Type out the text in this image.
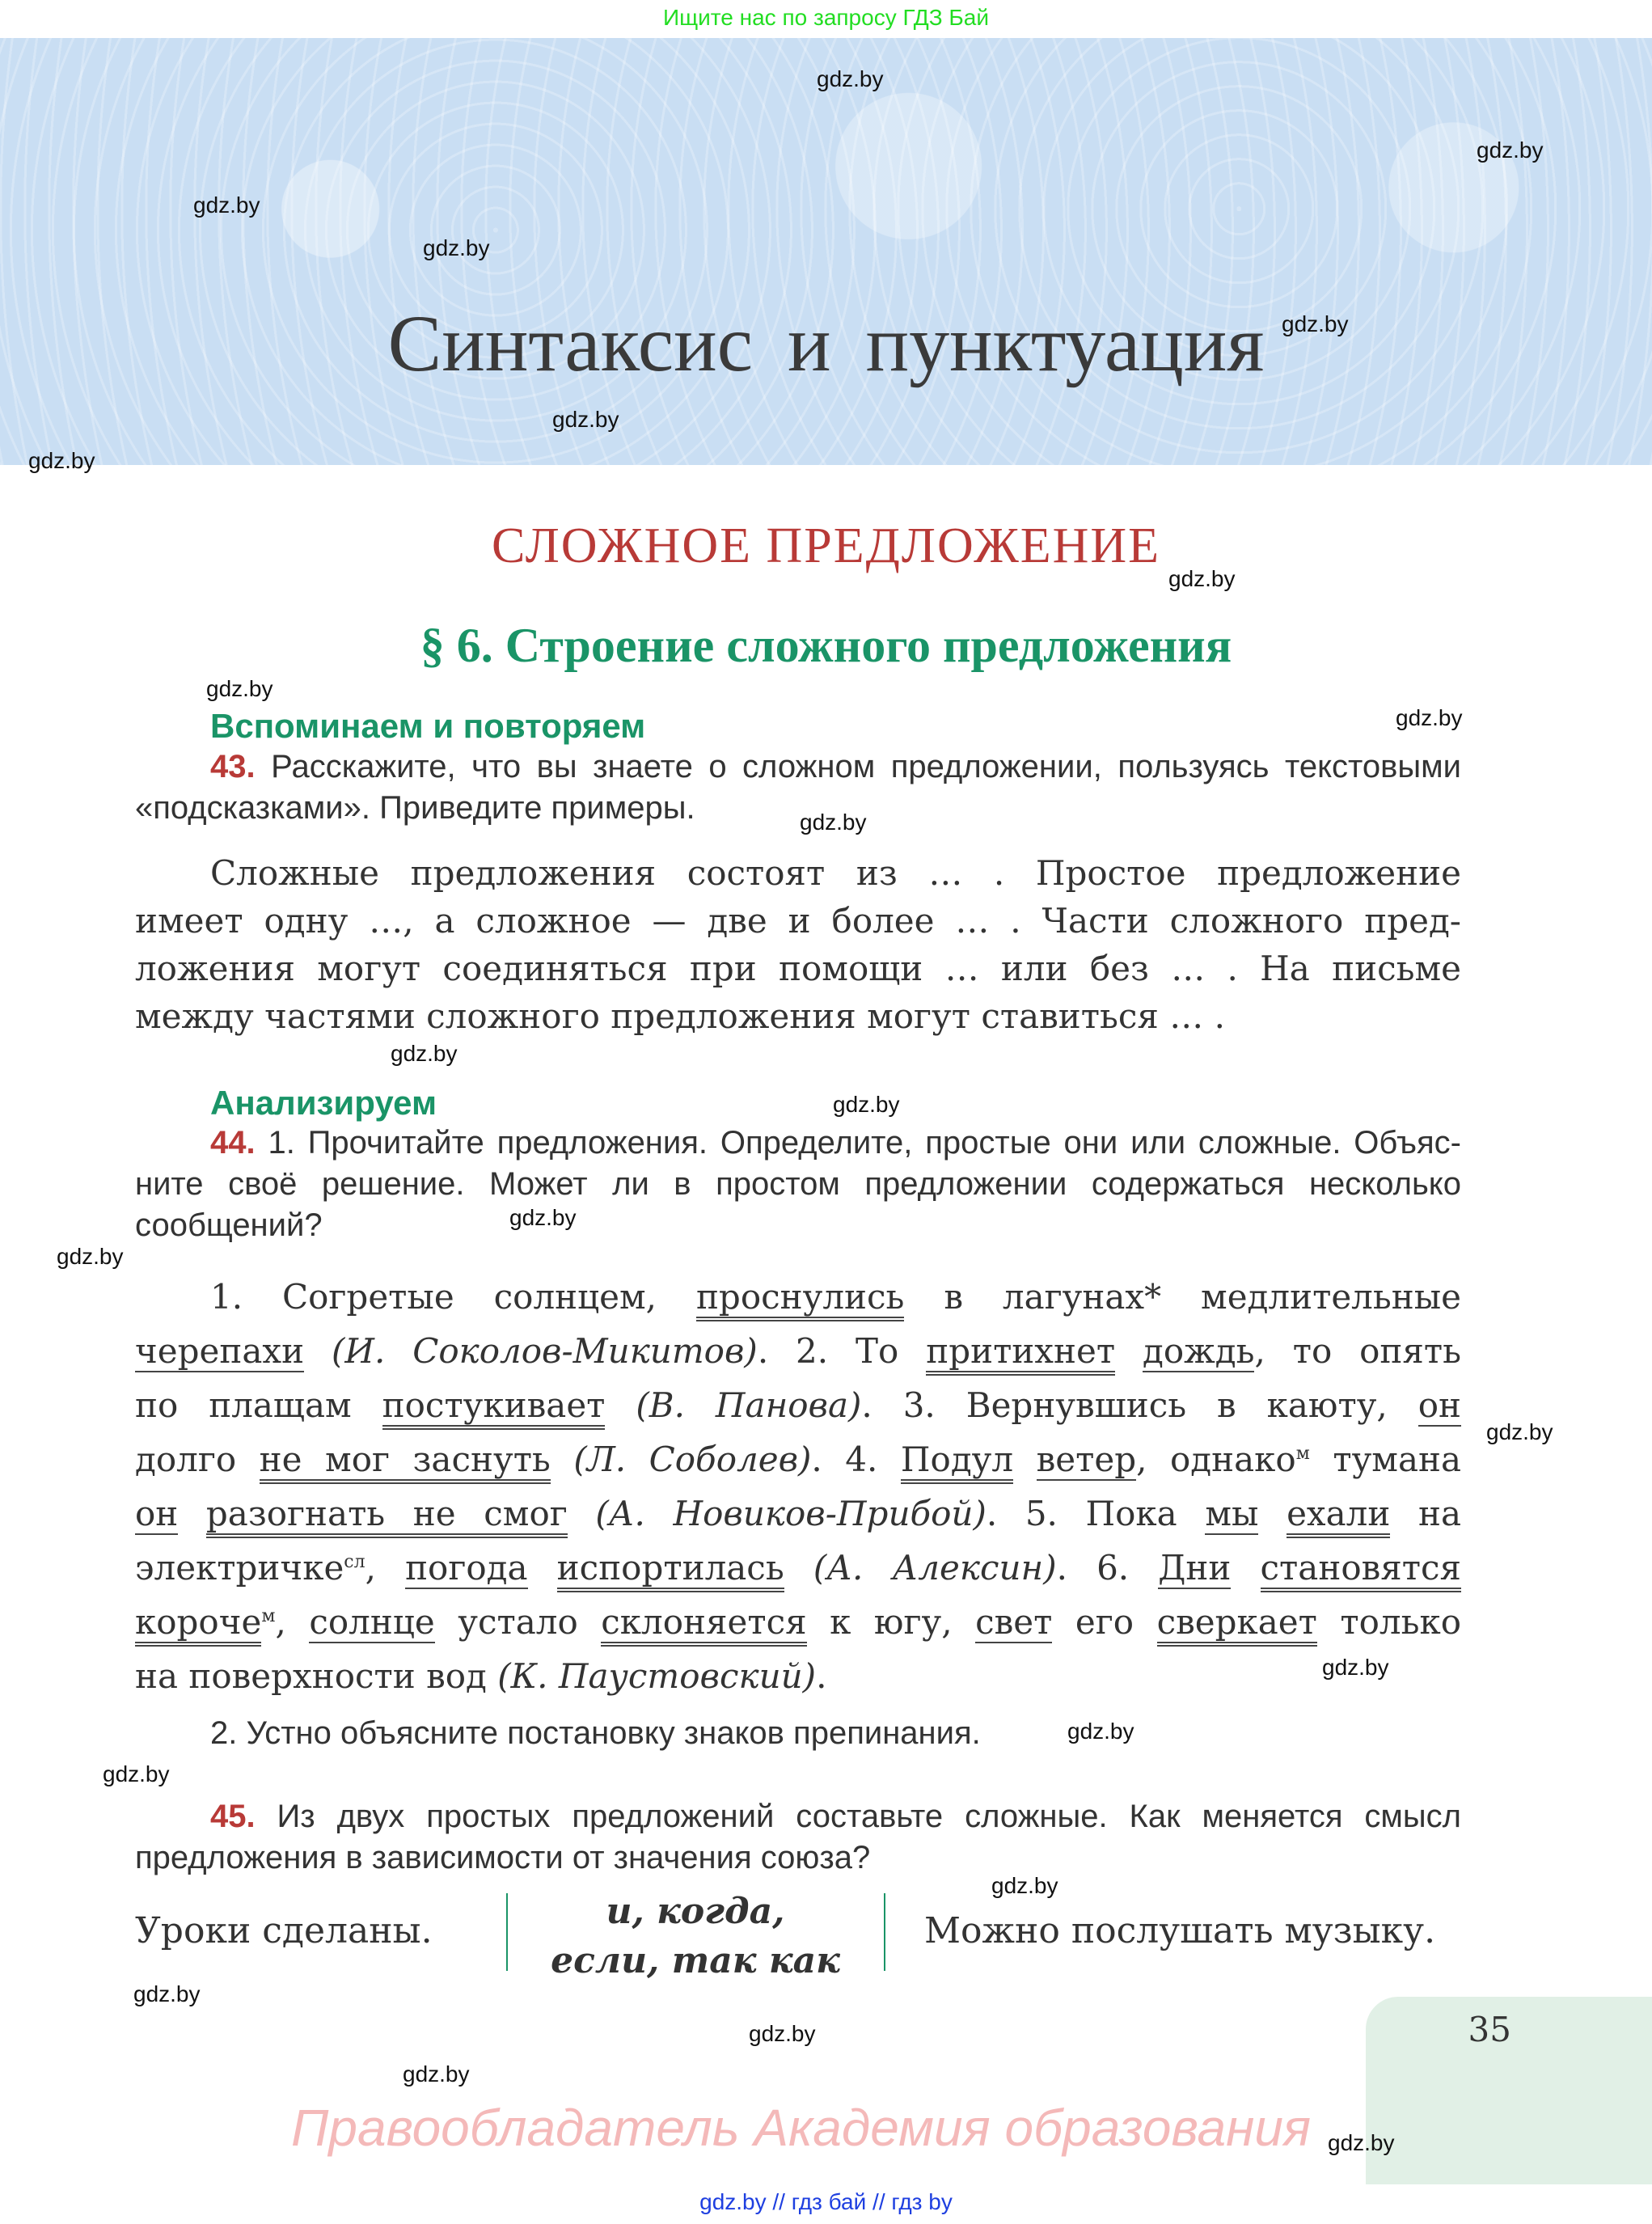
Ищите нас по запросу ГДЗ Бай
Синтаксис и пунктуация
СЛОЖНОЕ ПРЕДЛОЖЕНИЕ
§ 6. Строение сложного предложения
Вспоминаем и повторяем
43. Расскажите, что вы знаете о сложном предложении, пользуясь текстовыми
«подсказками». Приведите примеры.
Сложные предложения состоят из … . Простое предложение
имеет одну …, а сложное — две и более … . Части сложного пред-
ложения могут соединяться при помощи … или без … . На письме
между частями сложного предложения могут ставиться … .
Анализируем
44. 1. Прочитайте предложения. Определите, простые они или сложные. Объяс-
ните своё решение. Может ли в простом предложении содержаться несколько
сообщений?
1. Согретые солнцем, проснулись в лагунах* медлительные
черепахи (И. Соколов-Микитов). 2. То притихнет дождь, то опять
по плащам постукивает (В. Панова). 3. Вернувшись в каюту, он
долго не мог заснуть (Л. Соболев). 4. Подул ветер, однако$^м$ тумана
он разогнать не смог (А. Новиков-Прибой). 5. Пока мы ехали на
электричке$^{сл}$, погода испортилась (А. Алексин). 6. Дни становятся
короче$^м$, солнце устало склоняется к югу, свет его сверкает только
на поверхности вод (К. Паустовский).
2. Устно объясните постановку знаков препинания.
45. Из двух простых предложений составьте сложные. Как меняется смысл
предложения в зависимости от значения союза?
Уроки сделаны.	и, когда,
если, так как
Можно послушать музыку.
35
Правообладатель Академия образования
gdz.by // гдз бай // гдз by
gdz.by
gdz.by
gdz.by
gdz.by
gdz.by
gdz.by
gdz.by
gdz.by
gdz.by
gdz.by
gdz.by
gdz.by
gdz.by
gdz.by
gdz.by
gdz.by
gdz.by
gdz.by
gdz.by
gdz.by
gdz.by
gdz.by
gdz.by
gdz.by
